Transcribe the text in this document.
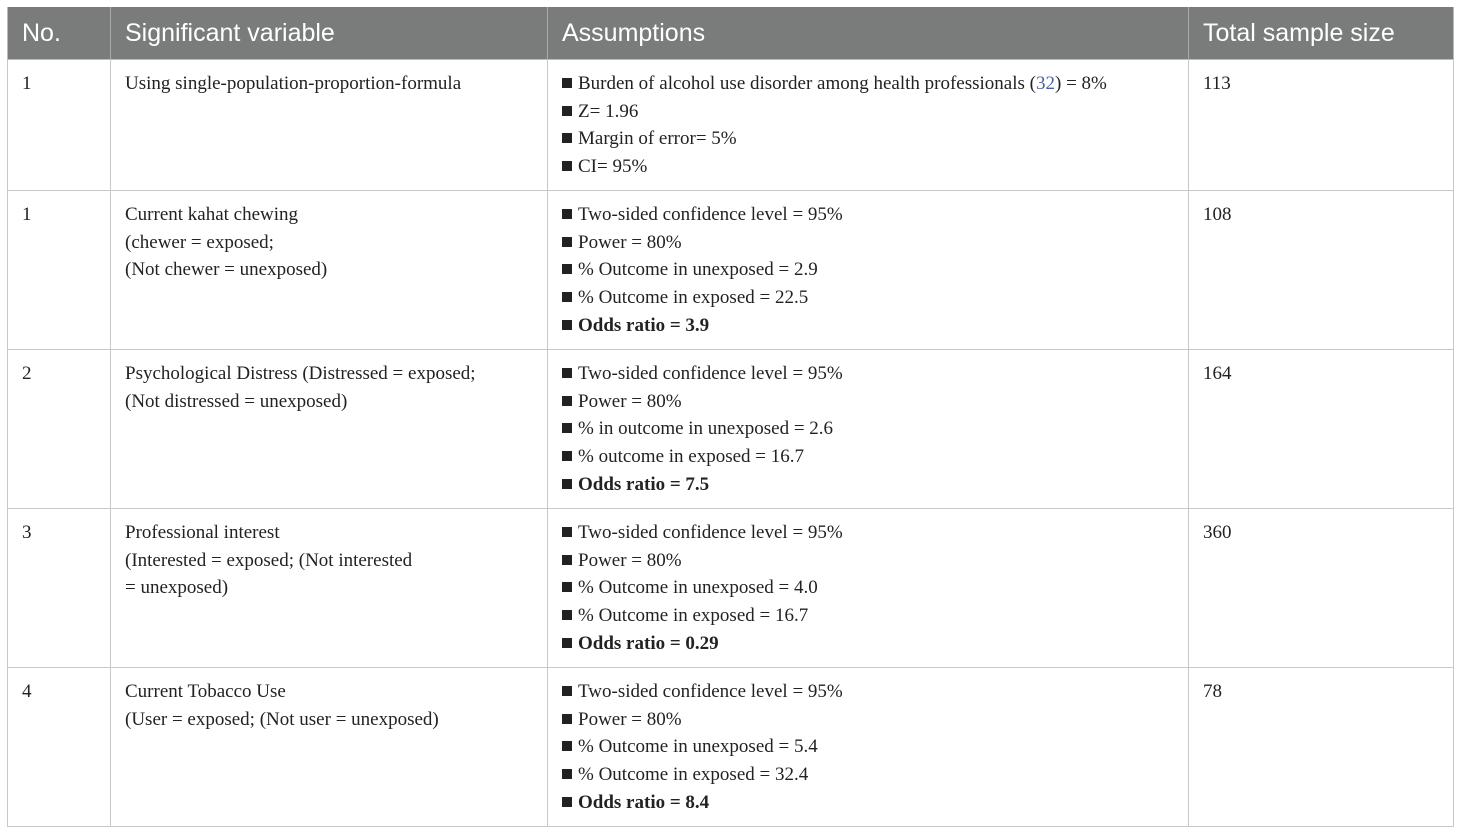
No.	Significant variable	Assumptions	Total sample size
1	Using single-population-proportion-formula	Burden of alcohol use disorder among health professionals (32) = 8%
Z= 1.96
Margin of error= 5%
CI= 95%	113
1	Current kahat chewing
(chewer = exposed;
(Not chewer = unexposed)	Two-sided confidence level = 95%
Power = 80%
% Outcome in unexposed = 2.9
% Outcome in exposed = 22.5
Odds ratio = 3.9	108
2	Psychological Distress (Distressed = exposed;
(Not distressed = unexposed)	Two-sided confidence level = 95%
Power = 80%
% in outcome in unexposed = 2.6
% outcome in exposed = 16.7
Odds ratio = 7.5	164
3	Professional interest
(Interested = exposed; (Not interested
= unexposed)	Two-sided confidence level = 95%
Power = 80%
% Outcome in unexposed = 4.0
% Outcome in exposed = 16.7
Odds ratio = 0.29	360
4	Current Tobacco Use
(User = exposed; (Not user = unexposed)	Two-sided confidence level = 95%
Power = 80%
% Outcome in unexposed = 5.4
% Outcome in exposed = 32.4
Odds ratio = 8.4	78
